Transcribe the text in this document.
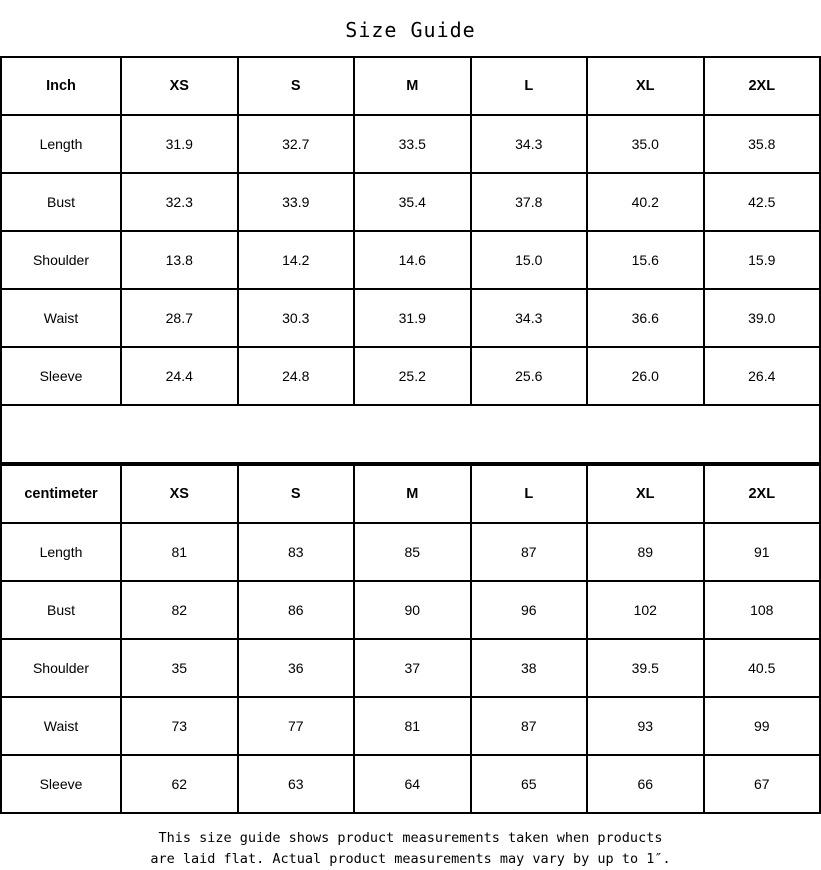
Size Guide
Inch	XS	S	M	L	XL	2XL
Length	31.9	32.7	33.5	34.3	35.0	35.8
Bust	32.3	33.9	35.4	37.8	40.2	42.5
Shoulder	13.8	14.2	14.6	15.0	15.6	15.9
Waist	28.7	30.3	31.9	34.3	36.6	39.0
Sleeve	24.4	24.8	25.2	25.6	26.0	26.4

centimeter	XS	S	M	L	XL	2XL
Length	81	83	85	87	89	91
Bust	82	86	90	96	102	108
Shoulder	35	36	37	38	39.5	40.5
Waist	73	77	81	87	93	99
Sleeve	62	63	64	65	66	67
This size guide shows product measurements taken when products
are laid flat. Actual product measurements may vary by up to 1″.
